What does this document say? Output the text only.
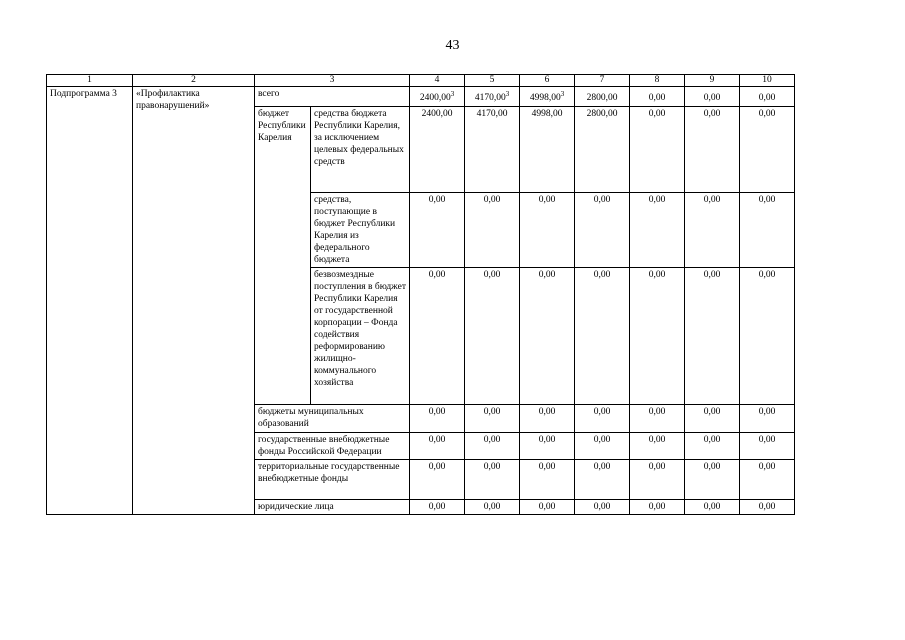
43
1	2	3		4	5	6	7	8	9	10
Подпрограмма 3	«Профилактика правонарушений»	всего		2400,00$^3$	4170,00$^3$	4998,00$^3$	2800,00	0,00	0,00	0,00
		бюджет Республики Карелия	средства бюджета Республики Карелия, за исключением целевых федеральных средств	2400,00	4170,00	4998,00	2800,00	0,00	0,00	0,00
			средства, поступающие в бюджет Республики Карелия из федерального бюджета	0,00	0,00	0,00	0,00	0,00	0,00	0,00
			безвозмездные поступления в бюджет Республики Карелия от государственной корпорации – Фонда содействия реформированию жилищно-коммунального хозяйства	0,00	0,00	0,00	0,00	0,00	0,00	0,00
		бюджеты муниципальных образований		0,00	0,00	0,00	0,00	0,00	0,00	0,00
		государственные внебюджетные фонды Российской Федерации		0,00	0,00	0,00	0,00	0,00	0,00	0,00
		территориальные государственные внебюджетные фонды		0,00	0,00	0,00	0,00	0,00	0,00	0,00
		юридические лица		0,00	0,00	0,00	0,00	0,00	0,00	0,00
